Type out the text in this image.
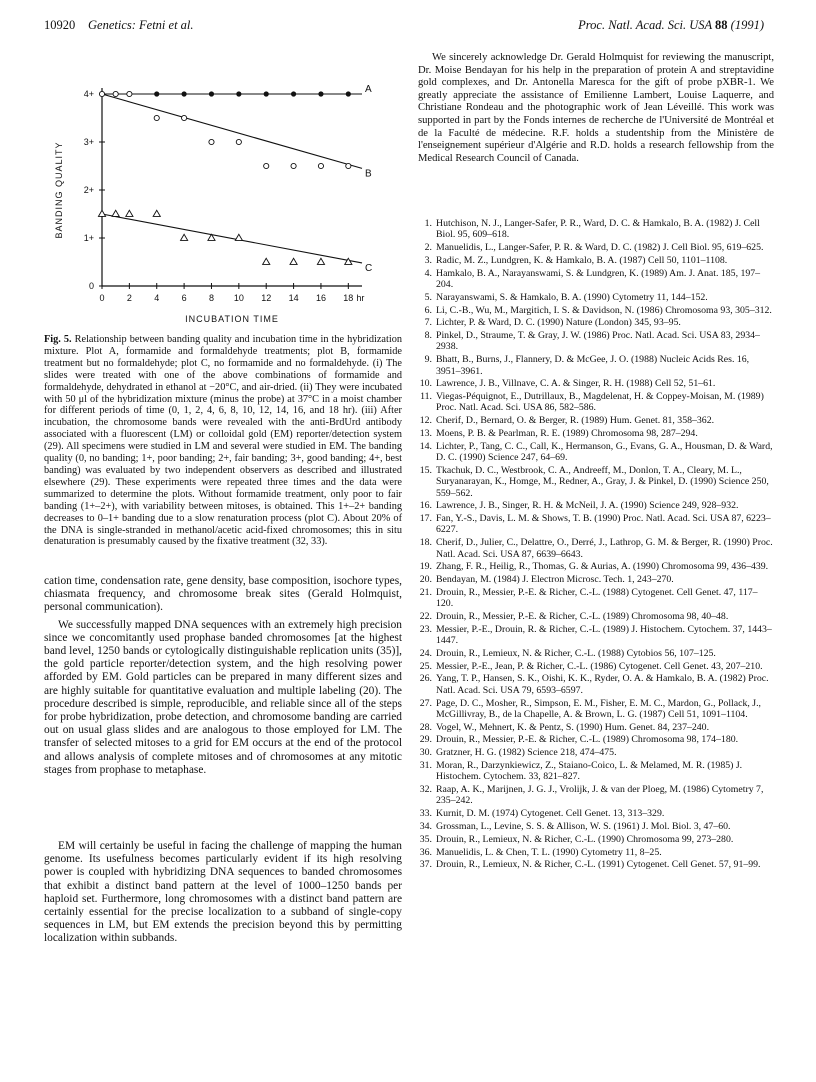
10920 Genetics: Fetni et al.	Proc. Natl. Acad. Sci. USA 88 (1991)
0
1+
2+
3+
4+
0 2 4 6 8 10 12 14 16 18 hr
INCUBATION TIME
BANDING QUALITY
A
B
C
Fig. 5. Relationship between banding quality and incubation time in the hybridization mixture. Plot A, formamide and formaldehyde treatments; plot B, formamide treatment but no formaldehyde; plot C, no formamide and no formaldehyde. (i) The slides were treated with one of the above combinations of formamide and formaldehyde, dehydrated in ethanol at −20°C, and air-dried. (ii) They were incubated with 50 μl of the hybridization mixture (minus the probe) at 37°C in a moist chamber for different periods of time (0, 1, 2, 4, 6, 8, 10, 12, 14, 16, and 18 hr). (iii) After incubation, the chromosome bands were revealed with the anti-BrdUrd antibody associated with a fluorescent (LM) or colloidal gold (EM) reporter/detection system (29). All specimens were studied in LM and several were studied in EM. The banding quality (0, no banding; 1+, poor banding; 2+, fair banding; 3+, good banding; 4+, best banding) was evaluated by two independent observers as described and illustrated elsewhere (29). These experiments were repeated three times and the data were summarized to determine the plots. Without formamide treatment, only poor to fair banding (1+–2+), with variability between mitoses, is obtained. This 1+–2+ banding decreases to 0–1+ banding due to a slow renaturation process (plot C). About 20% of the DNA is single-stranded in methanol/acetic acid-fixed chromosomes; this in situ denaturation is presumably caused by the fixative treatment (32, 33).

cation time, condensation rate, gene density, base composition, isochore types, chiasmata frequency, and chromosome break sites (Gerald Holmquist, personal communication).

We successfully mapped DNA sequences with an extremely high precision since we concomitantly used prophase banded chromosomes [at the highest band level, 1250 bands or cytologically distinguishable replication units (35)], the gold particle reporter/detection system, and the high resolving power afforded by EM. Gold particles can be prepared in many different sizes and are highly suitable for quantitative evaluation and multiple labeling (20). The procedure described is simple, reproducible, and reliable since all of the steps for probe hybridization, probe detection, and chromosome banding are carried out on usual glass slides and are analogous to those employed for LM. The transfer of selected mitoses to a grid for EM occurs at the end of the protocol and allows analysis of complete mitoses and of chromosomes at any mitotic stages from prophase to metaphase.

EM will certainly be useful in facing the challenge of mapping the human genome. Its usefulness becomes particularly evident if its high resolving power is coupled with hybridizing DNA sequences to banded chromosomes that exhibit a distinct band pattern at the level of 1000–1250 bands per haploid set. Furthermore, long chromosomes with a distinct band pattern are certainly essential for the precise localization to a subband of single-copy sequences in LM, but EM extends the precision beyond this by permitting localization within subbands.

We sincerely acknowledge Dr. Gerald Holmquist for reviewing the manuscript, Dr. Moise Bendayan for his help in the preparation of protein A and streptavidine gold complexes, and Dr. Antonella Maresca for the gift of probe pXBR-1. We greatly appreciate the assistance of Emilienne Lambert, Louise Laquerre, and Christiane Rondeau and the photographic work of Jean Léveillé. This work was supported in part by the Fonds internes de recherche de l'Université de Montréal et de la Faculté de médecine. R.F. holds a studentship from the Ministère de l'enseignement supérieur d'Algérie and R.D. holds a research fellowship from the Medical Research Council of Canada.
1. Hutchison, N. J., Langer-Safer, P. R., Ward, D. C. & Hamkalo, B. A. (1982) J. Cell Biol. 95, 609–618.
2. Manuelidis, L., Langer-Safer, P. R. & Ward, D. C. (1982) J. Cell Biol. 95, 619–625.
3. Radic, M. Z., Lundgren, K. & Hamkalo, B. A. (1987) Cell 50, 1101–1108.
4. Hamkalo, B. A., Narayanswami, S. & Lundgren, K. (1989) Am. J. Anat. 185, 197–204.
5. Narayanswami, S. & Hamkalo, B. A. (1990) Cytometry 11, 144–152.
6. Li, C.-B., Wu, M., Margitich, I. S. & Davidson, N. (1986) Chromosoma 93, 305–312.
7. Lichter, P. & Ward, D. C. (1990) Nature (London) 345, 93–95.
8. Pinkel, D., Straume, T. & Gray, J. W. (1986) Proc. Natl. Acad. Sci. USA 83, 2934–2938.
9. Bhatt, B., Burns, J., Flannery, D. & McGee, J. O. (1988) Nucleic Acids Res. 16, 3951–3961.
10. Lawrence, J. B., Villnave, C. A. & Singer, R. H. (1988) Cell 52, 51–61.
11. Viegas-Péquignot, E., Dutrillaux, B., Magdelenat, H. & Coppey-Moisan, M. (1989) Proc. Natl. Acad. Sci. USA 86, 582–586.
12. Cherif, D., Bernard, O. & Berger, R. (1989) Hum. Genet. 81, 358–362.
13. Moens, P. B. & Pearlman, R. E. (1989) Chromosoma 98, 287–294.
14. Lichter, P., Tang, C. C., Call, K., Hermanson, G., Evans, G. A., Housman, D. & Ward, D. C. (1990) Science 247, 64–69.
15. Tkachuk, D. C., Westbrook, C. A., Andreeff, M., Donlon, T. A., Cleary, M. L., Suryanarayan, K., Homge, M., Redner, A., Gray, J. & Pinkel, D. (1990) Science 250, 559–562.
16. Lawrence, J. B., Singer, R. H. & McNeil, J. A. (1990) Science 249, 928–932.
17. Fan, Y.-S., Davis, L. M. & Shows, T. B. (1990) Proc. Natl. Acad. Sci. USA 87, 6223–6227.
18. Cherif, D., Julier, C., Delattre, O., Derré, J., Lathrop, G. M. & Berger, R. (1990) Proc. Natl. Acad. Sci. USA 87, 6639–6643.
19. Zhang, F. R., Heilig, R., Thomas, G. & Aurias, A. (1990) Chromosoma 99, 436–439.
20. Bendayan, M. (1984) J. Electron Microsc. Tech. 1, 243–270.
21. Drouin, R., Messier, P.-E. & Richer, C.-L. (1988) Cytogenet. Cell Genet. 47, 117–120.
22. Drouin, R., Messier, P.-E. & Richer, C.-L. (1989) Chromosoma 98, 40–48.
23. Messier, P.-E., Drouin, R. & Richer, C.-L. (1989) J. Histochem. Cytochem. 37, 1443–1447.
24. Drouin, R., Lemieux, N. & Richer, C.-L. (1988) Cytobios 56, 107–125.
25. Messier, P.-E., Jean, P. & Richer, C.-L. (1986) Cytogenet. Cell Genet. 43, 207–210.
26. Yang, T. P., Hansen, S. K., Oishi, K. K., Ryder, O. A. & Hamkalo, B. A. (1982) Proc. Natl. Acad. Sci. USA 79, 6593–6597.
27. Page, D. C., Mosher, R., Simpson, E. M., Fisher, E. M. C., Mardon, G., Pollack, J., McGillivray, B., de la Chapelle, A. & Brown, L. G. (1987) Cell 51, 1091–1104.
28. Vogel, W., Mehnert, K. & Pentz, S. (1990) Hum. Genet. 84, 237–240.
29. Drouin, R., Messier, P.-E. & Richer, C.-L. (1989) Chromosoma 98, 174–180.
30. Gratzner, H. G. (1982) Science 218, 474–475.
31. Moran, R., Darzynkiewicz, Z., Staiano-Coico, L. & Melamed, M. R. (1985) J. Histochem. Cytochem. 33, 821–827.
32. Raap, A. K., Marijnen, J. G. J., Vrolijk, J. & van der Ploeg, M. (1986) Cytometry 7, 235–242.
33. Kurnit, D. M. (1974) Cytogenet. Cell Genet. 13, 313–329.
34. Grossman, L., Levine, S. S. & Allison, W. S. (1961) J. Mol. Biol. 3, 47–60.
35. Drouin, R., Lemieux, N. & Richer, C.-L. (1990) Chromosoma 99, 273–280.
36. Manuelidis, L. & Chen, T. L. (1990) Cytometry 11, 8–25.
37. Drouin, R., Lemieux, N. & Richer, C.-L. (1991) Cytogenet. Cell Genet. 57, 91–99.
